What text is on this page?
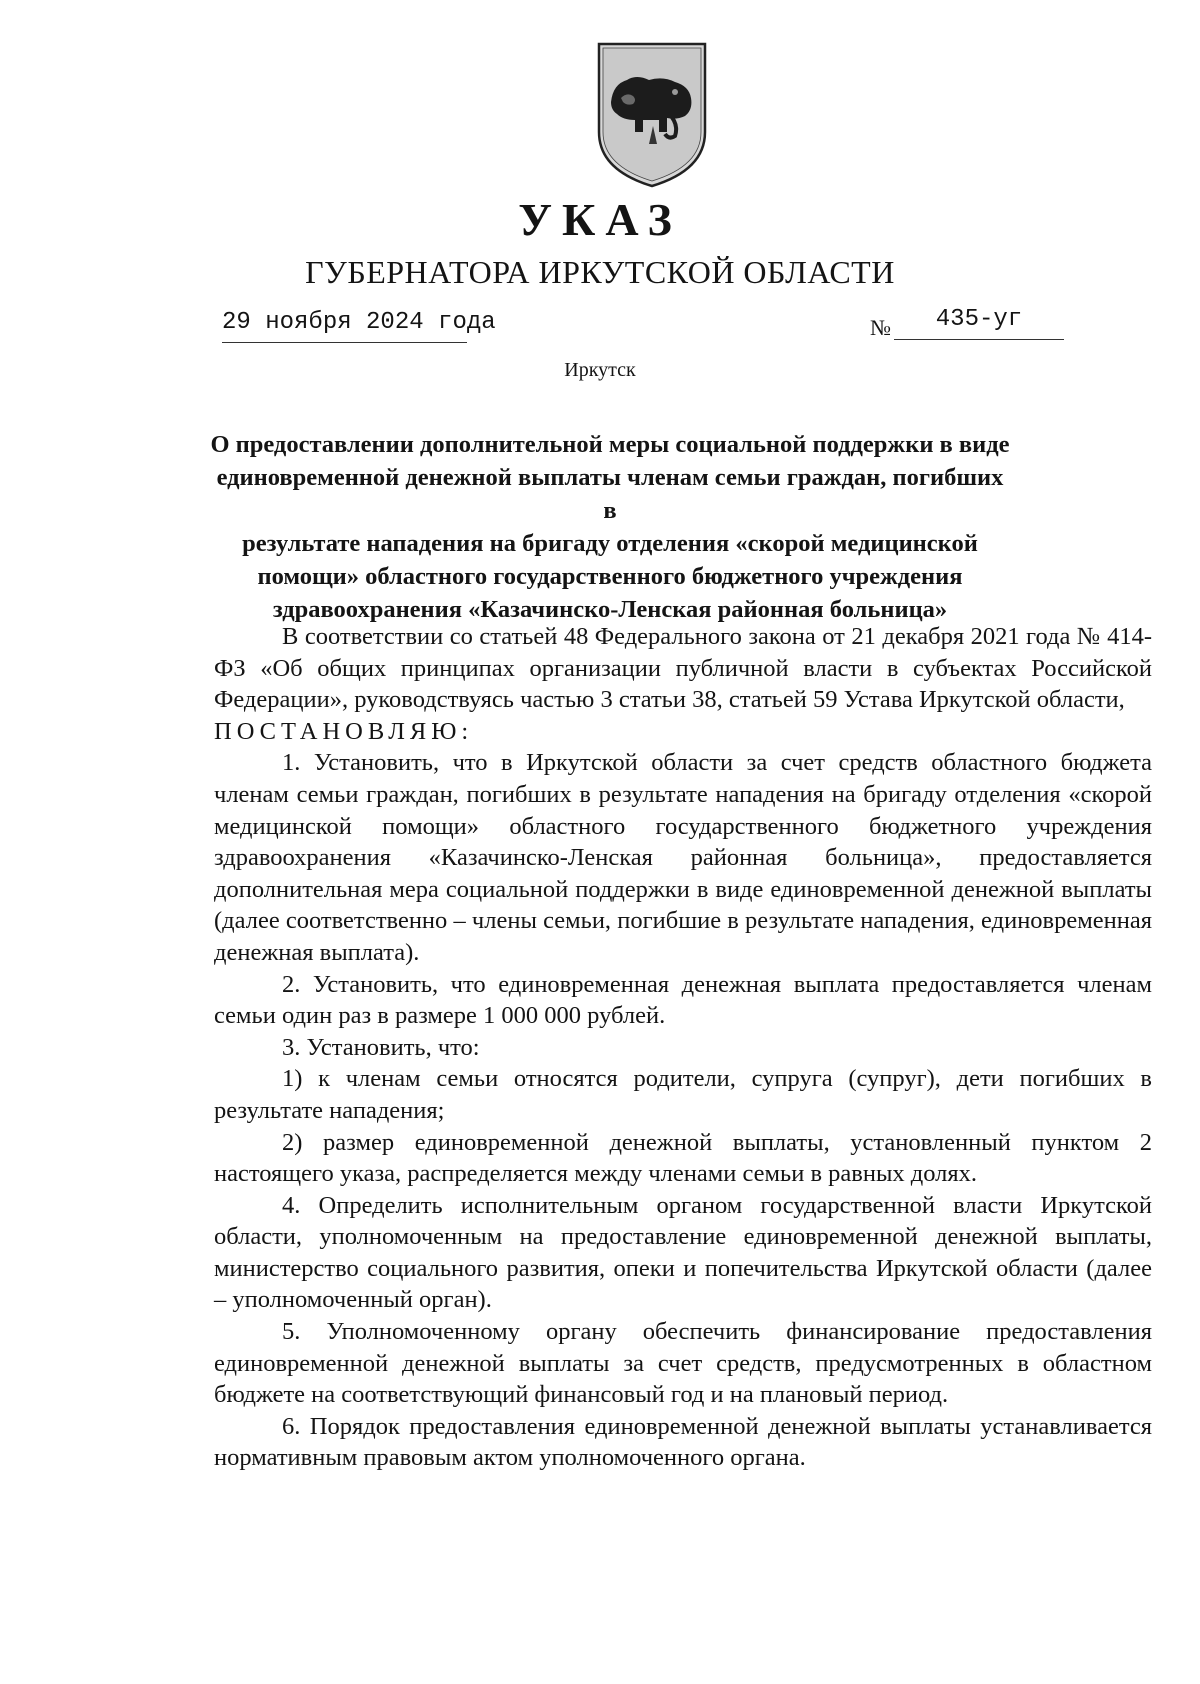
УКАЗ
ГУБЕРНАТОРА ИРКУТСКОЙ ОБЛАСТИ
29 ноября 2024 года	№	435-уг
Иркутск
О предоставлении дополнительной меры социальной поддержки в виде
единовременной денежной выплаты членам семьи граждан, погибших в
результате нападения на бригаду отделения «скорой медицинской
помощи» областного государственного бюджетного учреждения
здравоохранения «Казачинско-Ленская районная больница»

В соответствии со статьей 48 Федерального закона от 21 декабря 2021 года № 414-ФЗ «Об общих принципах организации публичной власти в субъектах Российской Федерации», руководствуясь частью 3 статьи 38, статьей 59 Устава Иркутской области,

ПОСТАНОВЛЯЮ:

1. Установить, что в Иркутской области за счет средств областного бюджета членам семьи граждан, погибших в результате нападения на бригаду отделения «скорой медицинской помощи» областного государственного бюджетного учреждения здравоохранения «Казачинско-Ленская районная больница», предоставляется дополнительная мера социальной поддержки в виде единовременной денежной выплаты (далее соответственно – члены семьи, погибшие в результате нападения, единовременная денежная выплата).

2. Установить, что единовременная денежная выплата предоставляется членам семьи один раз в размере 1 000 000 рублей.

3. Установить, что:

1) к членам семьи относятся родители, супруга (супруг), дети погибших в результате нападения;

2) размер единовременной денежной выплаты, установленный пунктом 2 настоящего указа, распределяется между членами семьи в равных долях.

4. Определить исполнительным органом государственной власти Иркутской области, уполномоченным на предоставление единовременной денежной выплаты, министерство социального развития, опеки и попечительства Иркутской области (далее – уполномоченный орган).

5. Уполномоченному органу обеспечить финансирование предоставления единовременной денежной выплаты за счет средств, предусмотренных в областном бюджете на соответствующий финансовый год и на плановый период.

6. Порядок предоставления единовременной денежной выплаты устанавливается нормативным правовым актом уполномоченного органа.
